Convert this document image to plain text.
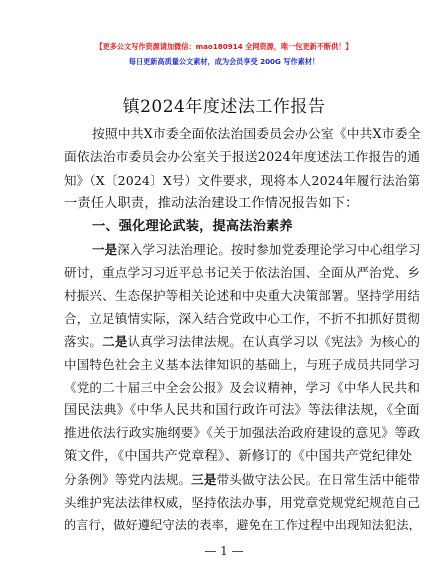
【更多公文写作资源请加微信：mao180914 全网资源，唯一包更新不断供！】
每日更新高质量公文素材，成为会员享受 200G 写作素材！
镇2024年度述法工作报告
按照中共X市委全面依法治国委员会办公室《中共X市委全
面依法治市委员会办公室关于报送2024年度述法工作报告的通
知》（X〔2024〕X号）文件要求，现将本人2024年履行法治第
一责任人职责，推动法治建设工作情况报告如下：
一、强化理论武装，提高法治素养
一是深入学习法治理论。按时参加党委理论学习中心组学习
研讨，重点学习习近平总书记关于依法治国、全面从严治党、乡
村振兴、生态保护等相关论述和中央重大决策部署。坚持学用结
合，立足镇情实际，深入结合党政中心工作，不折不扣抓好贯彻
落实。二是认真学习法律法规。在认真学习以《宪法》为核心的
中国特色社会主义基本法律知识的基础上，与班子成员共同学习
《党的二十届三中全会公报》及会议精神，学习《中华人民共和
国民法典》《中华人民共和国行政许可法》等法律法规，《全面
推进依法行政实施纲要》《关于加强法治政府建设的意见》等政
策文件，《中国共产党章程》、新修订的《中国共产党纪律处
分条例》等党内法规。三是带头做守法公民。在日常生活中能带
头维护宪法法律权威，坚持依法办事，用党章党规党纪规范自己
的言行，做好遵纪守法的表率，避免在工作过程中出现知法犯法，
— 1 —
